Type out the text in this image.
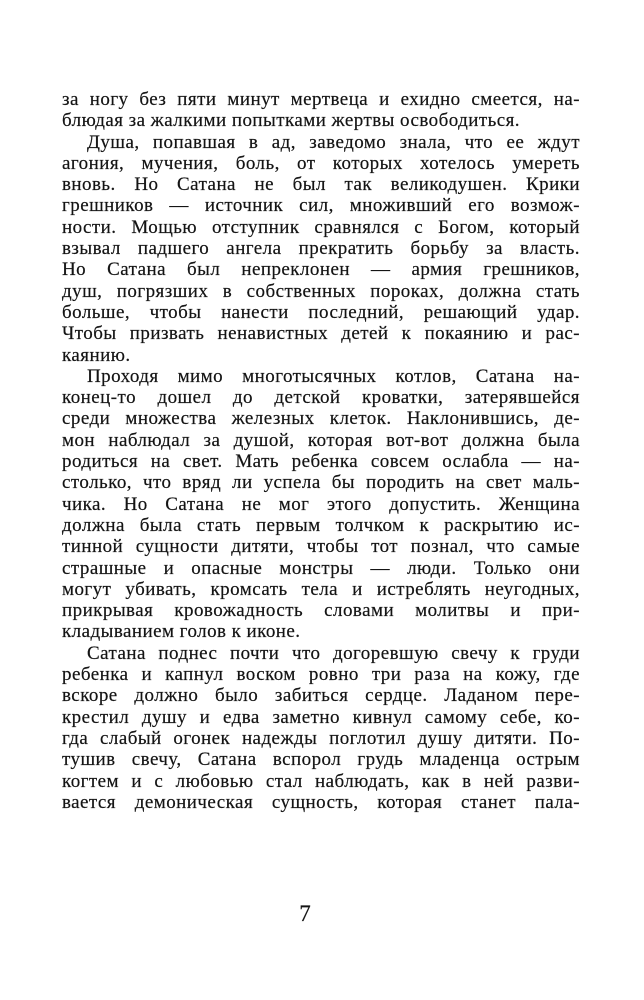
за ногу без пяти минут мертвеца и ехидно смеется, на-
блюдая за жалкими попытками жертвы освободиться.
Душа, попавшая в ад, заведомо знала, что ее ждут
агония, мучения, боль, от которых хотелось умереть
вновь. Но Сатана не был так великодушен. Крики
грешников — источник сил, множивший его возмож-
ности. Мощью отступник сравнялся с Богом, который
взывал падшего ангела прекратить борьбу за власть.
Но Сатана был непреклонен — армия грешников,
душ, погрязших в собственных пороках, должна стать
больше, чтобы нанести последний, решающий удар.
Чтобы призвать ненавистных детей к покаянию и рас-
каянию.
Проходя мимо многотысячных котлов, Сатана на-
конец-то дошел до детской кроватки, затерявшейся
среди множества железных клеток. Наклонившись, де-
мон наблюдал за душой, которая вот-вот должна была
родиться на свет. Мать ребенка совсем ослабла — на-
столько, что вряд ли успела бы породить на свет маль-
чика. Но Сатана не мог этого допустить. Женщина
должна была стать первым толчком к раскрытию ис-
тинной сущности дитяти, чтобы тот познал, что самые
страшные и опасные монстры — люди. Только они
могут убивать, кромсать тела и истреблять неугодных,
прикрывая кровожадность словами молитвы и при-
кладыванием голов к иконе.
Сатана поднес почти что догоревшую свечу к груди
ребенка и капнул воском ровно три раза на кожу, где
вскоре должно было забиться сердце. Ладаном пере-
крестил душу и едва заметно кивнул самому себе, ко-
гда слабый огонек надежды поглотил душу дитяти. По-
тушив свечу, Сатана вспорол грудь младенца острым
когтем и с любовью стал наблюдать, как в ней разви-
вается демоническая сущность, которая станет пала-
7
